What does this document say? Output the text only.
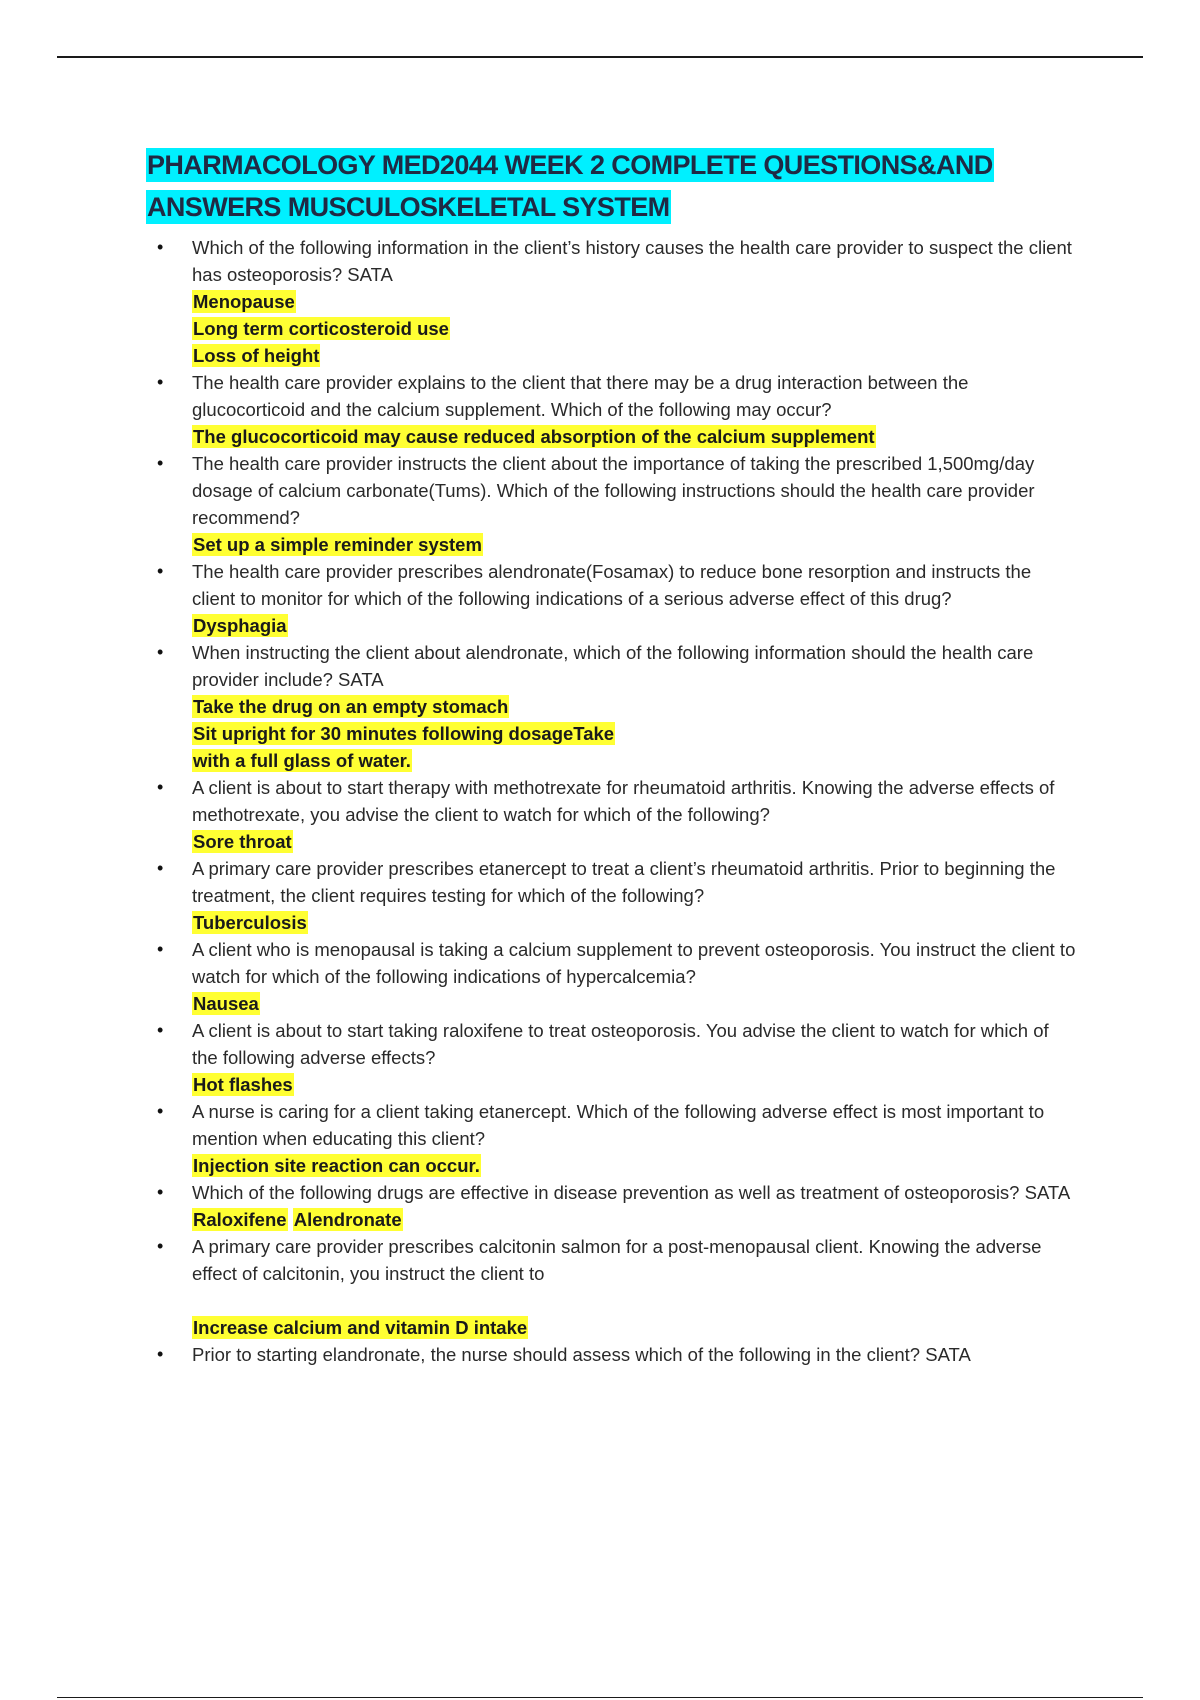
PHARMACOLOGY MED2044 WEEK 2 COMPLETE QUESTIONS&AND ANSWERS MUSCULOSKELETAL SYSTEM
• Which of the following information in the client’s history causes the health care provider to suspect the client has osteoporosis? SATA
Menopause
Long term corticosteroid use
Loss of height
• The health care provider explains to the client that there may be a drug interaction between the glucocorticoid and the calcium supplement. Which of the following may occur?
The glucocorticoid may cause reduced absorption of the calcium supplement
• The health care provider instructs the client about the importance of taking the prescribed 1,500mg/day dosage of calcium carbonate(Tums). Which of the following instructions should the health care provider recommend?
Set up a simple reminder system
• The health care provider prescribes alendronate(Fosamax) to reduce bone resorption and instructs the client to monitor for which of the following indications of a serious adverse effect of this drug?
Dysphagia
• When instructing the client about alendronate, which of the following information should the health care provider include? SATA
Take the drug on an empty stomach
Sit upright for 30 minutes following dosageTake
with a full glass of water.
• A client is about to start therapy with methotrexate for rheumatoid arthritis. Knowing the adverse effects of methotrexate, you advise the client to watch for which of the following?
Sore throat
• A primary care provider prescribes etanercept to treat a client’s rheumatoid arthritis. Prior to beginning the treatment, the client requires testing for which of the following?
Tuberculosis
• A client who is menopausal is taking a calcium supplement to prevent osteoporosis. You instruct the client to watch for which of the following indications of hypercalcemia?
Nausea
• A client is about to start taking raloxifene to treat osteoporosis. You advise the client to watch for which of the following adverse effects?
Hot flashes
• A nurse is caring for a client taking etanercept. Which of the following adverse effect is most important to mention when educating this client?
Injection site reaction can occur.
• Which of the following drugs are effective in disease prevention as well as treatment of osteoporosis? SATA
Raloxifene Alendronate
• A primary care provider prescribes calcitonin salmon for a post-menopausal client. Knowing the adverse effect of calcitonin, you instruct the client to
Increase calcium and vitamin D intake
• Prior to starting elandronate, the nurse should assess which of the following in the client? SATA
